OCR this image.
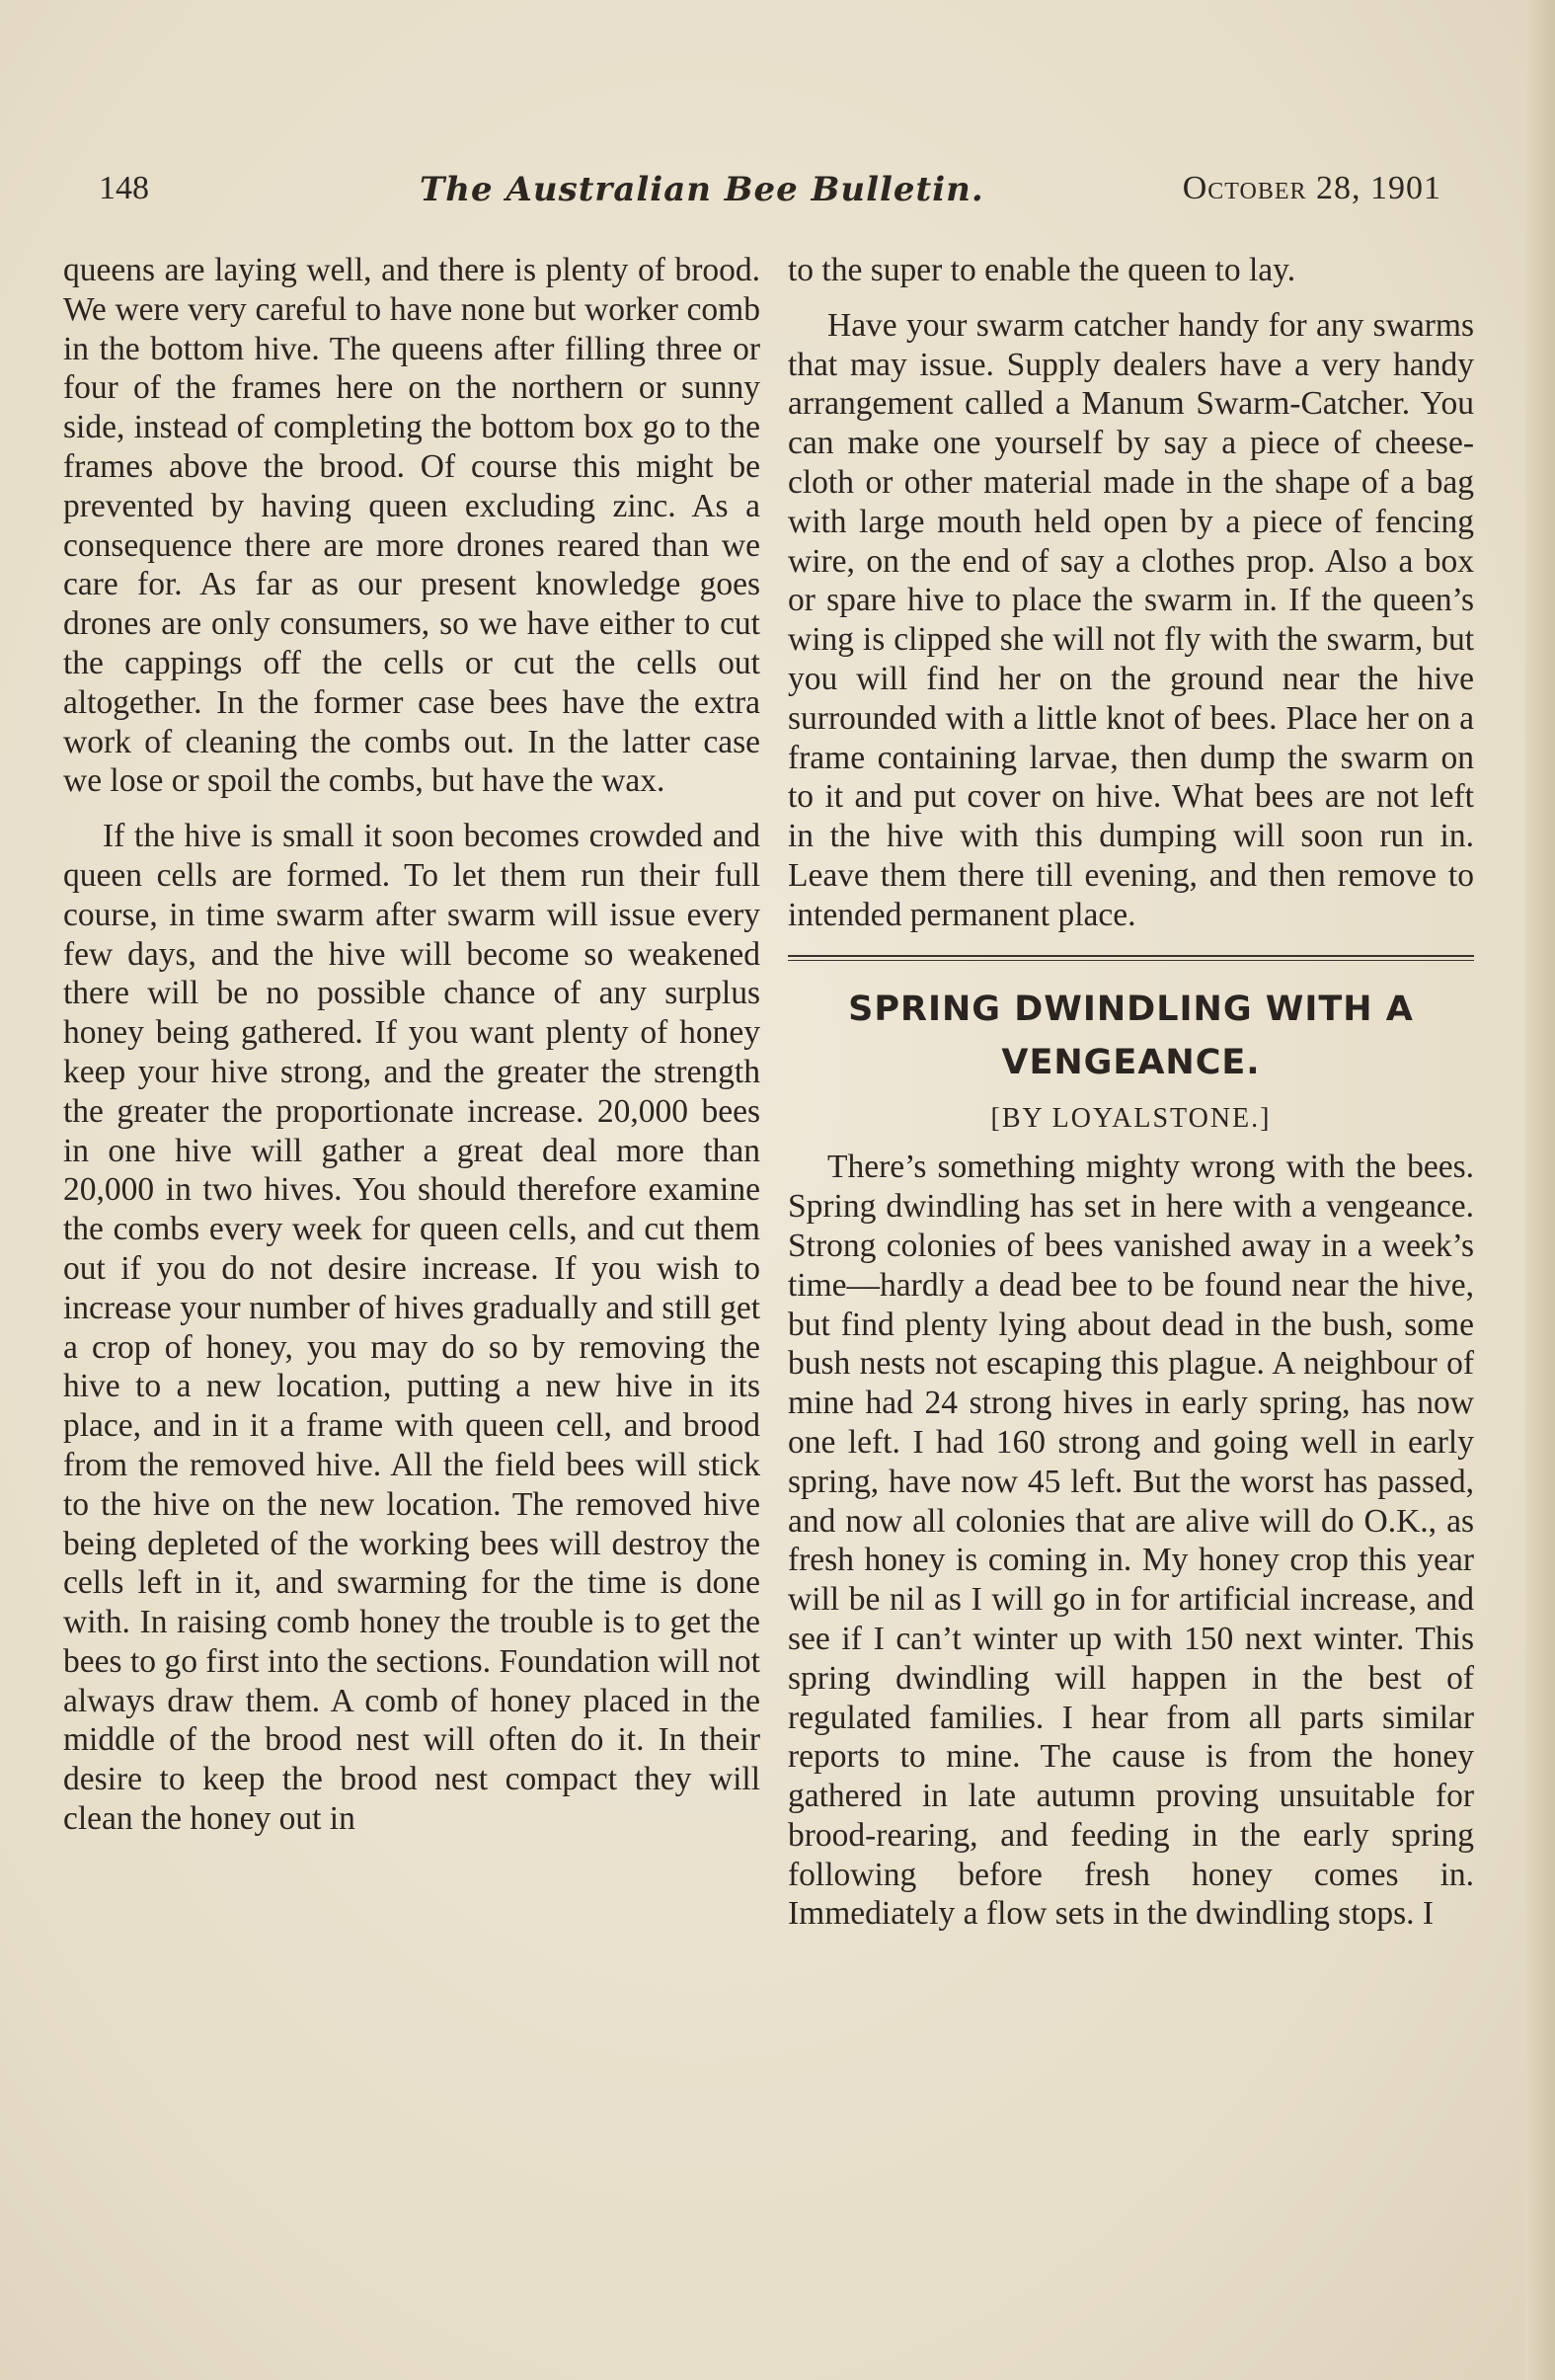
148	The Australian Bee Bulletin.	October 28, 1901

queens are laying well, and there is plenty of brood. We were very careful to have none but worker comb in the bottom hive. The queens after filling three or four of the frames here on the northern or sunny side, instead of completing the bottom box go to the frames above the brood. Of course this might be prevented by having queen excluding zinc. As a consequence there are more drones reared than we care for. As far as our present knowledge goes drones are only consumers, so we have either to cut the cappings off the cells or cut the cells out altogether. In the former case bees have the extra work of cleaning the combs out. In the latter case we lose or spoil the combs, but have the wax.

If the hive is small it soon becomes crowded and queen cells are formed. To let them run their full course, in time swarm after swarm will issue every few days, and the hive will become so weakened there will be no possible chance of any surplus honey being gathered. If you want plenty of honey keep your hive strong, and the greater the strength the greater the proportionate increase. 20,000 bees in one hive will gather a great deal more than 20,000 in two hives. You should therefore examine the combs every week for queen cells, and cut them out if you do not desire increase. If you wish to increase your number of hives gradually and still get a crop of honey, you may do so by removing the hive to a new location, putting a new hive in its place, and in it a frame with queen cell, and brood from the removed hive. All the field bees will stick to the hive on the new location. The removed hive being depleted of the working bees will destroy the cells left in it, and swarming for the time is done with. In raising comb honey the trouble is to get the bees to go first into the sections. Foundation will not always draw them. A comb of honey placed in the middle of the brood nest will often do it. In their desire to keep the brood nest compact they will clean the honey out in

to the super to enable the queen to lay.

Have your swarm catcher handy for any swarms that may issue. Supply dealers have a very handy arrangement called a Manum Swarm-Catcher. You can make one yourself by say a piece of cheese-cloth or other material made in the shape of a bag with large mouth held open by a piece of fencing wire, on the end of say a clothes prop. Also a box or spare hive to place the swarm in. If the queen’s wing is clipped she will not fly with the swarm, but you will find her on the ground near the hive surrounded with a little knot of bees. Place her on a frame containing larvae, then dump the swarm on to it and put cover on hive. What bees are not left in the hive with this dumping will soon run in. Leave them there till evening, and then remove to intended permanent place.

SPRING DWINDLING WITH A VENGEANCE.
[BY LOYALSTONE.]

There’s something mighty wrong with the bees. Spring dwindling has set in here with a vengeance. Strong colonies of bees vanished away in a week’s time—hardly a dead bee to be found near the hive, but find plenty lying about dead in the bush, some bush nests not escaping this plague. A neighbour of mine had 24 strong hives in early spring, has now one left. I had 160 strong and going well in early spring, have now 45 left. But the worst has passed, and now all colonies that are alive will do O.K., as fresh honey is coming in. My honey crop this year will be nil as I will go in for artificial increase, and see if I can’t winter up with 150 next winter. This spring dwindling will happen in the best of regulated families. I hear from all parts similar reports to mine. The cause is from the honey gathered in late autumn proving unsuitable for brood-rearing, and feeding in the early spring following before fresh honey comes in. Immediately a flow sets in the dwindling stops. I
